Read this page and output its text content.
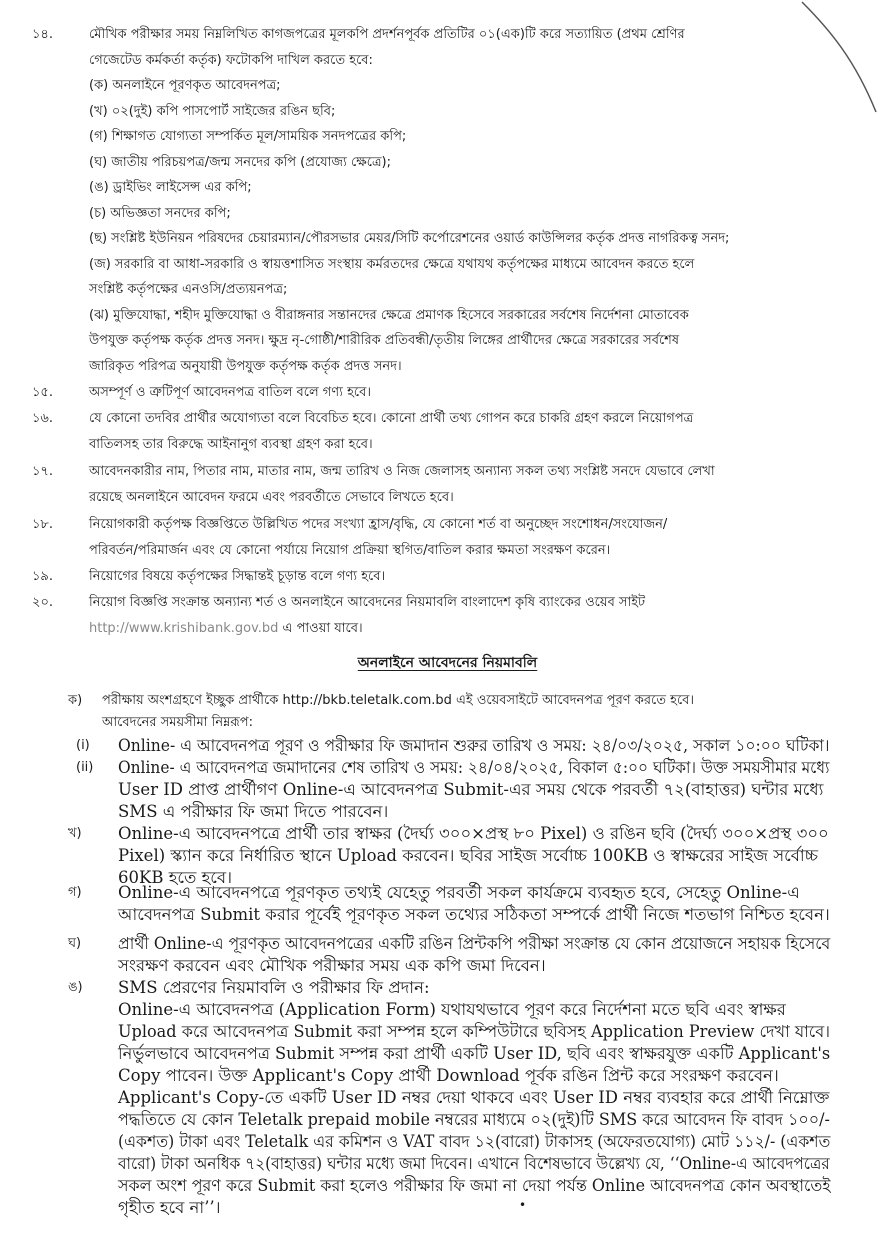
১৪.	মৌখিক পরীক্ষার সময় নিম্নলিখিত কাগজপত্রের মূলকপি প্রদর্শনপূর্বক প্রতিটির ০১(এক)টি করে সত্যায়িত (প্রথম শ্রেণির
গেজেটেড কর্মকর্তা কর্তৃক) ফটোকপি দাখিল করতে হবে:
(ক) অনলাইনে পূরণকৃত আবেদনপত্র;
(খ) ০২(দুই) কপি পাসপোর্ট সাইজের রঙিন ছবি;
(গ) শিক্ষাগত যোগ্যতা সম্পর্কিত মূল/সাময়িক সনদপত্রের কপি;
(ঘ) জাতীয় পরিচয়পত্র/জন্ম সনদের কপি (প্রযোজ্য ক্ষেত্রে);
(ঙ) ড্রাইভিং লাইসেন্স এর কপি;
(চ) অভিজ্ঞতা সনদের কপি;
(ছ) সংশ্লিষ্ট ইউনিয়ন পরিষদের চেয়ারম্যান/পৌরসভার মেয়র/সিটি কর্পোরেশনের ওয়ার্ড কাউন্সিলর কর্তৃক প্রদত্ত নাগরিকত্ব সনদ;
(জ) সরকারি বা আধা-সরকারি ও স্বায়ত্তশাসিত সংস্থায় কর্মরতদের ক্ষেত্রে যথাযথ কর্তৃপক্ষের মাধ্যমে আবেদন করতে হলে
সংশ্লিষ্ট কর্তৃপক্ষের এনওসি/প্রত্যয়নপত্র;
(ঝ) মুক্তিযোদ্ধা, শহীদ মুক্তিযোদ্ধা ও বীরাঙ্গনার সন্তানদের ক্ষেত্রে প্রমাণক হিসেবে সরকারের সর্বশেষ নির্দেশনা মোতাবেক
উপযুক্ত কর্তৃপক্ষ কর্তৃক প্রদত্ত সনদ। ক্ষুদ্র নৃ-গোষ্ঠী/শারীরিক প্রতিবন্ধী/তৃতীয় লিঙ্গের প্রার্থীদের ক্ষেত্রে সরকারের সর্বশেষ
জারিকৃত পরিপত্র অনুযায়ী উপযুক্ত কর্তৃপক্ষ কর্তৃক প্রদত্ত সনদ।
১৫.	অসম্পূর্ণ ও ত্রুটিপূর্ণ আবেদনপত্র বাতিল বলে গণ্য হবে।
১৬.	যে কোনো তদবির প্রার্থীর অযোগ্যতা বলে বিবেচিত হবে। কোনো প্রার্থী তথ্য গোপন করে চাকরি গ্রহণ করলে নিয়োগপত্র
বাতিলসহ তার বিরুদ্ধে আইনানুগ ব্যবস্থা গ্রহণ করা হবে।
১৭.	আবেদনকারীর নাম, পিতার নাম, মাতার নাম, জন্ম তারিখ ও নিজ জেলাসহ অন্যান্য সকল তথ্য সংশ্লিষ্ট সনদে যেভাবে লেখা
রয়েছে অনলাইনে আবেদন ফরমে এবং পরবর্তীতে সেভাবে লিখতে হবে।
১৮.	নিয়োগকারী কর্তৃপক্ষ বিজ্ঞপ্তিতে উল্লিখিত পদের সংখ্যা হ্রাস/বৃদ্ধি, যে কোনো শর্ত বা অনুচ্ছেদ সংশোধন/সংযোজন/
পরিবর্তন/পরিমার্জন এবং যে কোনো পর্যায়ে নিয়োগ প্রক্রিয়া স্থগিত/বাতিল করার ক্ষমতা সংরক্ষণ করেন।
১৯.	নিয়োগের বিষয়ে কর্তৃপক্ষের সিদ্ধান্তই চূড়ান্ত বলে গণ্য হবে।
২০.	নিয়োগ বিজ্ঞপ্তি সংক্রান্ত অন্যান্য শর্ত ও অনলাইনে আবেদনের নিয়মাবলি বাংলাদেশ কৃষি ব্যাংকের ওয়েব সাইট
http://www.krishibank.gov.bd এ পাওয়া যাবে।
অনলাইনে আবেদনের নিয়মাবলি
ক) পরীক্ষায় অংশগ্রহণে ইচ্ছুক প্রার্থীকে http://bkb.teletalk.com.bd এই ওয়েবসাইটে আবেদনপত্র পূরণ করতে হবে।
আবেদনের সময়সীমা নিম্নরূপ:
(i) Online- এ আবেদনপত্র পূরণ ও পরীক্ষার ফি জমাদান শুরুর তারিখ ও সময়: ২৪/০৩/২০২৫, সকাল ১০:০০ ঘটিকা।
(ii) Online- এ আবেদনপত্র জমাদানের শেষ তারিখ ও সময়: ২৪/০৪/২০২৫, বিকাল ৫:০০ ঘটিকা। উক্ত সময়সীমার মধ্যে
User ID প্রাপ্ত প্রার্থীগণ Online-এ আবেদনপত্র Submit-এর সময় থেকে পরবর্তী ৭২(বাহাত্তর) ঘন্টার মধ্যে
SMS এ পরীক্ষার ফি জমা দিতে পারবেন।
খ) Online-এ আবেদনপত্রে প্রার্থী তার স্বাক্ষর (দৈর্ঘ্য ৩০০×প্রস্থ ৮০ Pixel) ও রঙিন ছবি (দৈর্ঘ্য ৩০০×প্রস্থ ৩০০
Pixel) স্ক্যান করে নির্ধারিত স্থানে Upload করবেন। ছবির সাইজ সর্বোচ্চ 100KB ও স্বাক্ষরের সাইজ সর্বোচ্চ
60KB হতে হবে।
গ) Online-এ আবেদনপত্রে পূরণকৃত তথ্যই যেহেতু পরবর্তী সকল কার্যক্রমে ব্যবহৃত হবে, সেহেতু Online-এ
আবেদনপত্র Submit করার পূর্বেই পূরণকৃত সকল তথ্যের সঠিকতা সম্পর্কে প্রার্থী নিজে শতভাগ নিশ্চিত হবেন।
ঘ) প্রার্থী Online-এ পূরণকৃত আবেদনপত্রের একটি রঙিন প্রিন্টকপি পরীক্ষা সংক্রান্ত যে কোন প্রয়োজনে সহায়ক হিসেবে
সংরক্ষণ করবেন এবং মৌখিক পরীক্ষার সময় এক কপি জমা দিবেন।
ঙ) SMS প্রেরণের নিয়মাবলি ও পরীক্ষার ফি প্রদান:
Online-এ আবেদনপত্র (Application Form) যথাযথভাবে পূরণ করে নির্দেশনা মতে ছবি এবং স্বাক্ষর
Upload করে আবেদনপত্র Submit করা সম্পন্ন হলে কম্পিউটারে ছবিসহ Application Preview দেখা যাবে।
নির্ভুলভাবে আবেদনপত্র Submit সম্পন্ন করা প্রার্থী একটি User ID, ছবি এবং স্বাক্ষরযুক্ত একটি Applicant's
Copy পাবেন। উক্ত Applicant's Copy প্রার্থী Download পূর্বক রঙিন প্রিন্ট করে সংরক্ষণ করবেন।
Applicant's Copy-তে একটি User ID নম্বর দেয়া থাকবে এবং User ID নম্বর ব্যবহার করে প্রার্থী নিম্নোক্ত
পদ্ধতিতে যে কোন Teletalk prepaid mobile নম্বরের মাধ্যমে ০২(দুই)টি SMS করে আবেদন ফি বাবদ ১০০/-
(একশত) টাকা এবং Teletalk এর কমিশন ও VAT বাবদ ১২(বারো) টাকাসহ (অফেরতযোগ্য) মোট ১১২/- (একশত
বারো) টাকা অনধিক ৭২(বাহাত্তর) ঘন্টার মধ্যে জমা দিবেন। এখানে বিশেষভাবে উল্লেখ্য যে, ‘‘Online-এ আবেদপত্রের
সকল অংশ পূরণ করে Submit করা হলেও পরীক্ষার ফি জমা না দেয়া পর্যন্ত Online আবেদনপত্র কোন অবস্থাতেই
গৃহীত হবে না’’।	•
